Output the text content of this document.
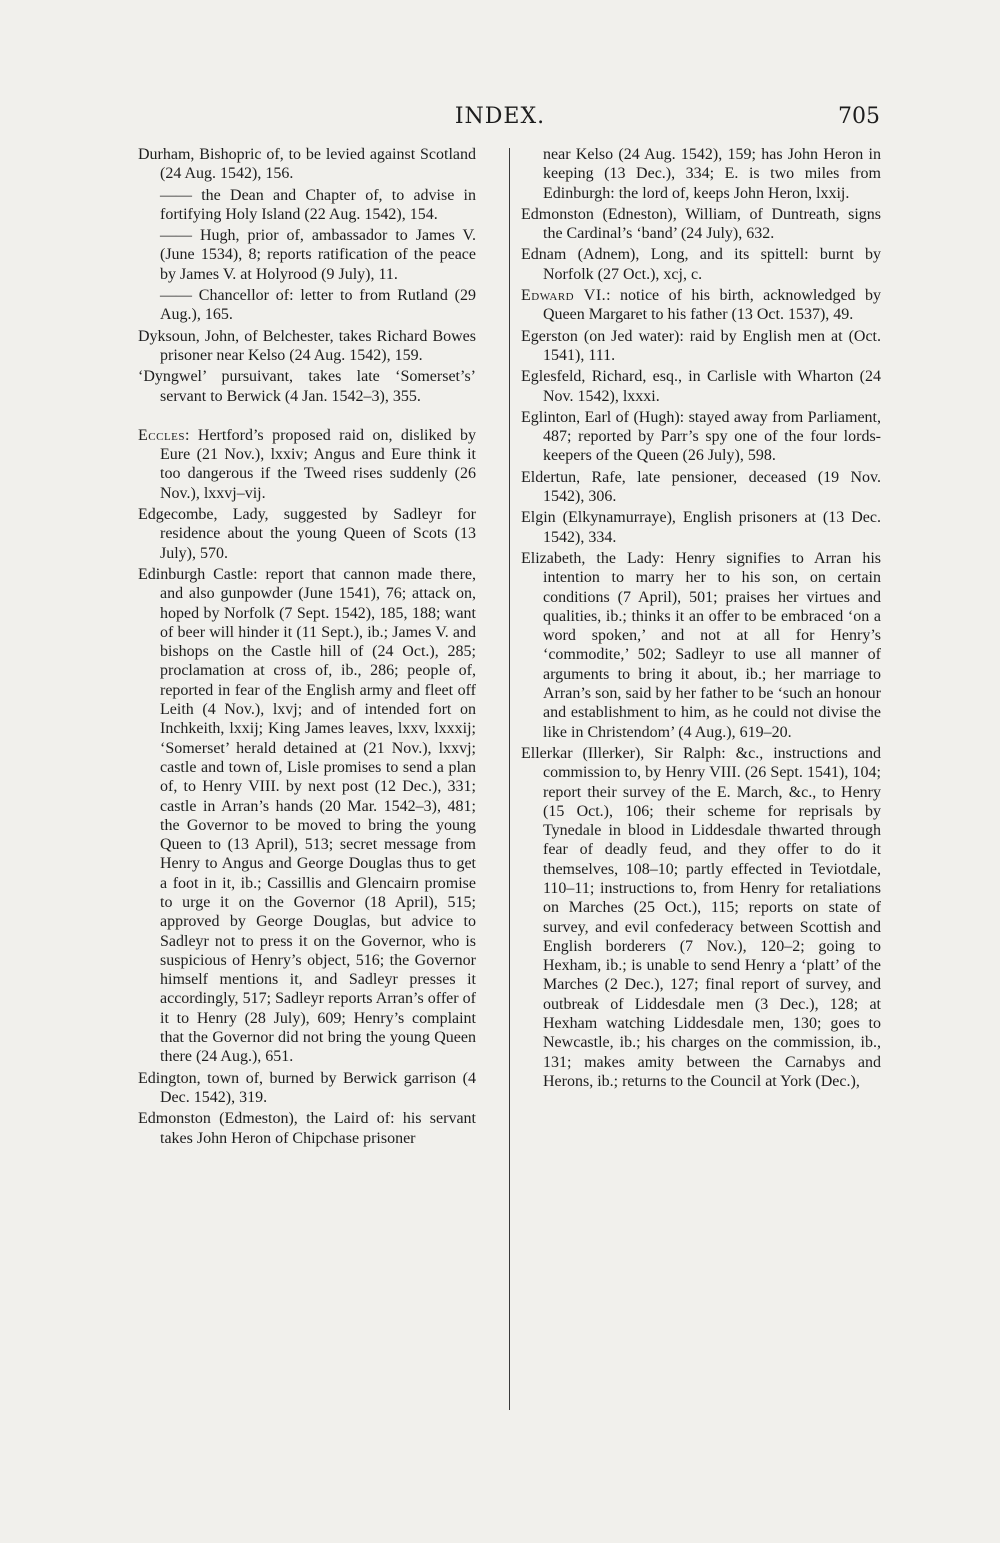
INDEX.	705

Durham, Bishopric of, to be levied against Scotland (24 Aug. 1542), 156.

—— the Dean and Chapter of, to advise in fortifying Holy Island (22 Aug. 1542), 154.

—— Hugh, prior of, ambassador to James V. (June 1534), 8; reports ratification of the peace by James V. at Holyrood (9 July), 11.

—— Chancellor of: letter to from Rutland (29 Aug.), 165.

Dyksoun, John, of Belchester, takes Richard Bowes prisoner near Kelso (24 Aug. 1542), 159.

‘Dyngwel’ pursuivant, takes late ‘Somerset’s’ servant to Berwick (4 Jan. 1542–3), 355.

Eccles: Hertford’s proposed raid on, disliked by Eure (21 Nov.), lxxiv; Angus and Eure think it too dangerous if the Tweed rises suddenly (26 Nov.), lxxvj–vij.

Edgecombe, Lady, suggested by Sadleyr for residence about the young Queen of Scots (13 July), 570.

Edinburgh Castle: report that cannon made there, and also gunpowder (June 1541), 76; attack on, hoped by Norfolk (7 Sept. 1542), 185, 188; want of beer will hinder it (11 Sept.), ib.; James V. and bishops on the Castle hill of (24 Oct.), 285; proclamation at cross of, ib., 286; people of, reported in fear of the English army and fleet off Leith (4 Nov.), lxvj; and of intended fort on Inchkeith, lxxij; King James leaves, lxxv, lxxxij; ‘Somerset’ herald detained at (21 Nov.), lxxvj; castle and town of, Lisle promises to send a plan of, to Henry VIII. by next post (12 Dec.), 331; castle in Arran’s hands (20 Mar. 1542–3), 481; the Governor to be moved to bring the young Queen to (13 April), 513; secret message from Henry to Angus and George Douglas thus to get a foot in it, ib.; Cassillis and Glencairn promise to urge it on the Governor (18 April), 515; approved by George Douglas, but advice to Sadleyr not to press it on the Governor, who is suspicious of Henry’s object, 516; the Governor himself mentions it, and Sadleyr presses it accordingly, 517; Sadleyr reports Arran’s offer of it to Henry (28 July), 609; Henry’s complaint that the Governor did not bring the young Queen there (24 Aug.), 651.

Edington, town of, burned by Berwick garrison (4 Dec. 1542), 319.

Edmonston (Edmeston), the Laird of: his servant takes John Heron of Chipchase prisoner

near Kelso (24 Aug. 1542), 159; has John Heron in keeping (13 Dec.), 334; E. is two miles from Edinburgh: the lord of, keeps John Heron, lxxij.

Edmonston (Edneston), William, of Duntreath, signs the Cardinal’s ‘band’ (24 July), 632.

Ednam (Adnem), Long, and its spittell: burnt by Norfolk (27 Oct.), xcj, c.

Edward VI.: notice of his birth, acknowledged by Queen Margaret to his father (13 Oct. 1537), 49.

Egerston (on Jed water): raid by English men at (Oct. 1541), 111.

Eglesfeld, Richard, esq., in Carlisle with Wharton (24 Nov. 1542), lxxxi.

Eglinton, Earl of (Hugh): stayed away from Parliament, 487; reported by Parr’s spy one of the four lords-keepers of the Queen (26 July), 598.

Eldertun, Rafe, late pensioner, deceased (19 Nov. 1542), 306.

Elgin (Elkynamurraye), English prisoners at (13 Dec. 1542), 334.

Elizabeth, the Lady: Henry signifies to Arran his intention to marry her to his son, on certain conditions (7 April), 501; praises her virtues and qualities, ib.; thinks it an offer to be embraced ‘on a word spoken,’ and not at all for Henry’s ‘commodite,’ 502; Sadleyr to use all manner of arguments to bring it about, ib.; her marriage to Arran’s son, said by her father to be ‘such an honour and establishment to him, as he could not divise the like in Christendom’ (4 Aug.), 619–20.

Ellerkar (Illerker), Sir Ralph: &c., instructions and commission to, by Henry VIII. (26 Sept. 1541), 104; report their survey of the E. March, &c., to Henry (15 Oct.), 106; their scheme for reprisals by Tynedale in blood in Liddesdale thwarted through fear of deadly feud, and they offer to do it themselves, 108–10; partly effected in Teviotdale, 110–11; instructions to, from Henry for retaliations on Marches (25 Oct.), 115; reports on state of survey, and evil confederacy between Scottish and English borderers (7 Nov.), 120–2; going to Hexham, ib.; is unable to send Henry a ‘platt’ of the Marches (2 Dec.), 127; final report of survey, and outbreak of Liddesdale men (3 Dec.), 128; at Hexham watching Liddesdale men, 130; goes to Newcastle, ib.; his charges on the commission, ib., 131; makes amity between the Carnabys and Herons, ib.; returns to the Council at York (Dec.),
